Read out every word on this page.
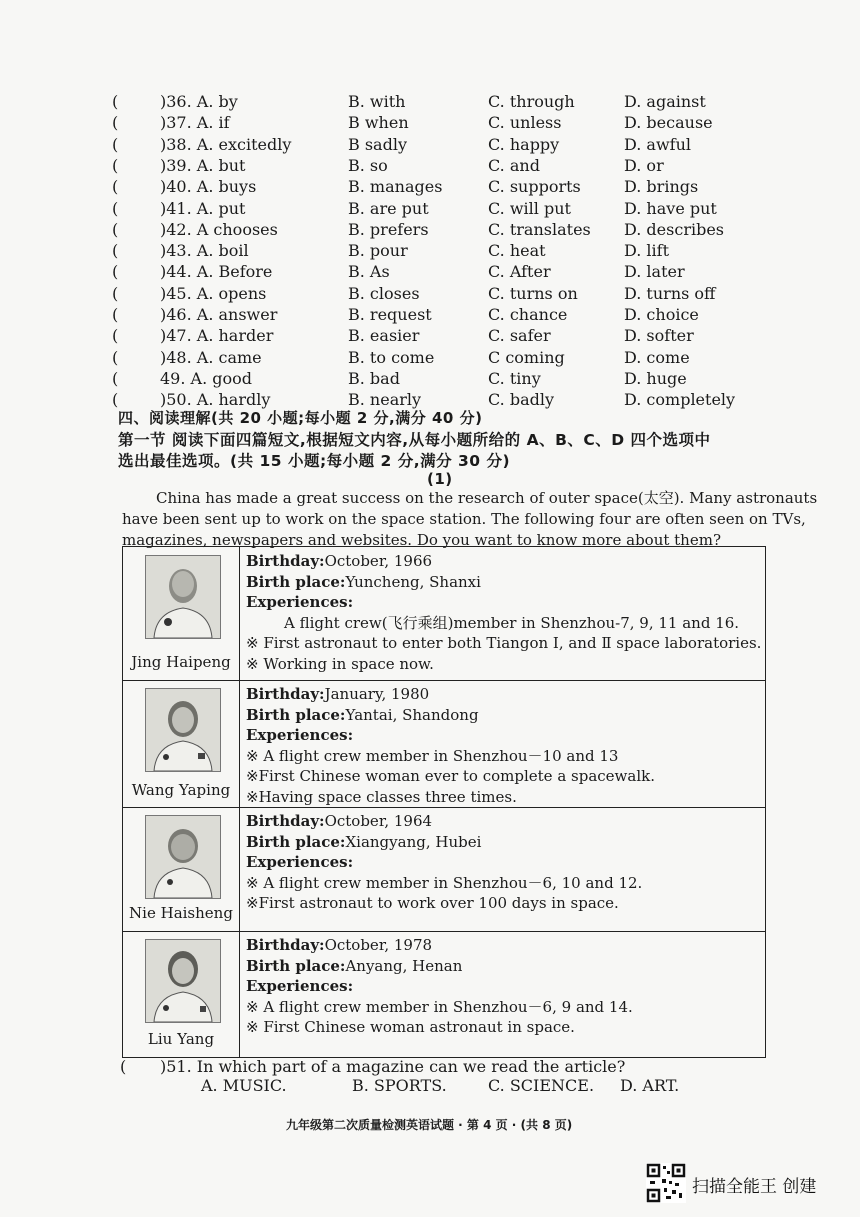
(	)36. A. by	B. with	C. through	D. against
(	)37. A. if	B when	C. unless	D. because
(	)38. A. excitedly	B sadly	C. happy	D. awful
(	)39. A. but	B. so	C. and	D. or
(	)40. A. buys	B. manages	C. supports	D. brings
(	)41. A. put	B. are put	C. will put	D. have put
(	)42. A chooses	B. prefers	C. translates D. describes
(	)43. A. boil	B. pour	C. heat	D. lift
(	)44. A. Before	B. As	C. After	D. later
(	)45. A. opens	B. closes	C. turns on	D. turns off
(	)46. A. answer	B. request	C. chance	D. choice
(	)47. A. harder	B. easier	C. safer	D. softer
(	)48. A. came	B. to come	C coming	D. come
(	49. A. good	B. bad	C. tiny	D. huge
(	)50. A. hardly	B. nearly	C. badly	D. completely
四、阅读理解(共 20 小题;每小题 2 分,满分 40 分)
第一节 阅读下面四篇短文,根据短文内容,从每小题所给的 A、B、C、D 四个选项中
选出最佳选项。(共 15 小题;每小题 2 分,满分 30 分)
(1)
China has made a great success on the research of outer space(太空). Many astronauts
have been sent up to work on the space station. The following four are often seen on TVs,
magazines, newspapers and websites. Do you want to know more about them?
Jing Haipeng
Birthday:October, 1966
Birth place:Yuncheng, Shanxi
Experiences:
A flight crew(飞行乘组)member in Shenzhou-7, 9, 11 and 16.
※ First astronaut to enter both Tiangon Ⅰ, and Ⅱ space laboratories.
※ Working in space now.
Wang Yaping
Birthday:January, 1980
Birth place:Yantai, Shandong
Experiences:
※ A flight crew member in Shenzhou－10 and 13
※First Chinese woman ever to complete a spacewalk.
※Having space classes three times.
Nie Haisheng
Birthday:October, 1964
Birth place:Xiangyang, Hubei
Experiences:
※ A flight crew member in Shenzhou－6, 10 and 12.
※First astronaut to work over 100 days in space.
Liu Yang
Birthday:October, 1978
Birth place:Anyang, Henan
Experiences:
※ A flight crew member in Shenzhou－6, 9 and 14.
※ First Chinese woman astronaut in space.
( )51. In which part of a magazine can we read the article?
A. MUSIC.	B. SPORTS.	C. SCIENCE. D. ART.
九年级第二次质量检测英语试题 · 第 4 页 · (共 8 页)
扫描全能王 创建
